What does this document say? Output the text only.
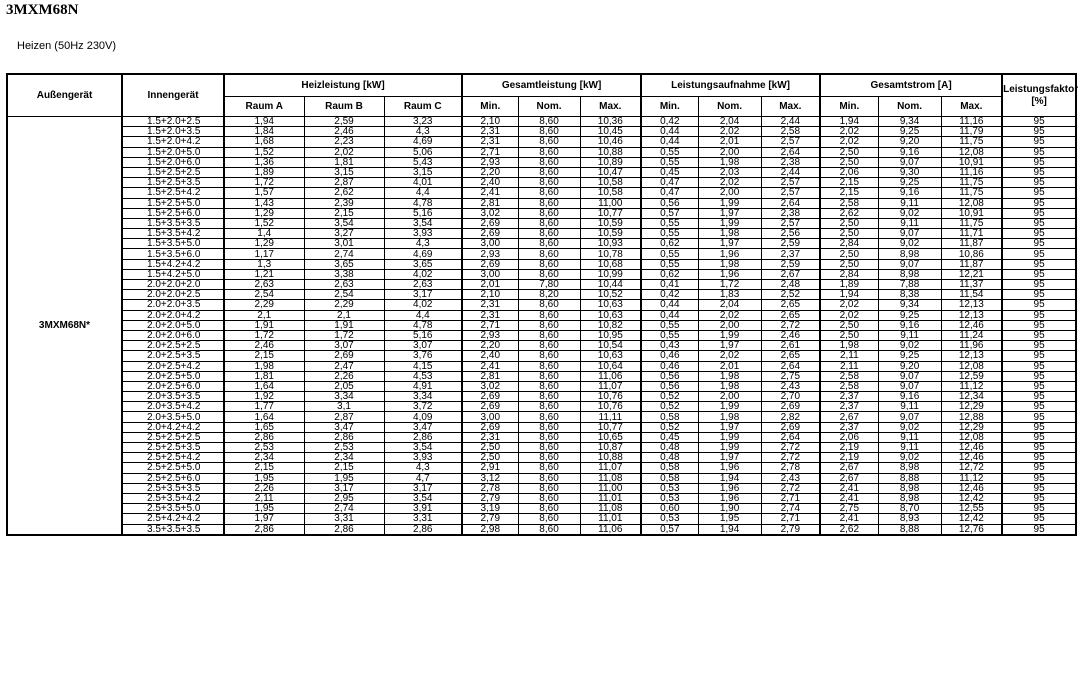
3MXM68N
Heizen (50Hz 230V)
Außengerät	Innengerät	Heizleistung [kW]			Gesamtleistung [kW]			Leistungsaufnahme [kW]			Gesamtstrom [A]			Leistungsfaktor [%]
		Raum A	Raum B	Raum C	Min.	Nom.	Max.	Min.	Nom.	Max.	Min.	Nom.	Max.	
3MXM68N*	1.5+2.0+2.5	1,94	2,59	3,23	2,10	8,60	10,36	0,42	2,04	2,44	1,94	9,34	11,16	95
	1.5+2.0+3.5	1,84	2,46	4,3	2,31	8,60	10,45	0,44	2,02	2,58	2,02	9,25	11,79	95
	1.5+2.0+4.2	1,68	2,23	4,69	2,31	8,60	10,46	0,44	2,01	2,57	2,02	9,20	11,75	95
	1.5+2.0+5.0	1,52	2,02	5,06	2,71	8,60	10,88	0,55	2,00	2,64	2,50	9,16	12,08	95
	1.5+2.0+6.0	1,36	1,81	5,43	2,93	8,60	10,89	0,55	1,98	2,38	2,50	9,07	10,91	95
	1.5+2.5+2.5	1,89	3,15	3,15	2,20	8,60	10,47	0,45	2,03	2,44	2,06	9,30	11,16	95
	1.5+2.5+3.5	1,72	2,87	4,01	2,40	8,60	10,58	0,47	2,02	2,57	2,15	9,25	11,75	95
	1.5+2.5+4.2	1,57	2,62	4,4	2,41	8,60	10,58	0,47	2,00	2,57	2,15	9,16	11,75	95
	1.5+2.5+5.0	1,43	2,39	4,78	2,81	8,60	11,00	0,56	1,99	2,64	2,58	9,11	12,08	95
	1.5+2.5+6.0	1,29	2,15	5,16	3,02	8,60	10,77	0,57	1,97	2,38	2,62	9,02	10,91	95
	1.5+3.5+3.5	1,52	3,54	3,54	2,69	8,60	10,59	0,55	1,99	2,57	2,50	9,11	11,75	95
	1.5+3.5+4.2	1,4	3,27	3,93	2,69	8,60	10,59	0,55	1,98	2,56	2,50	9,07	11,71	95
	1.5+3.5+5.0	1,29	3,01	4,3	3,00	8,60	10,93	0,62	1,97	2,59	2,84	9,02	11,87	95
	1.5+3.5+6.0	1,17	2,74	4,69	2,93	8,60	10,78	0,55	1,96	2,37	2,50	8,98	10,86	95
	1.5+4.2+4.2	1,3	3,65	3,65	2,69	8,60	10,68	0,55	1,98	2,59	2,50	9,07	11,87	95
	1.5+4.2+5.0	1,21	3,38	4,02	3,00	8,60	10,99	0,62	1,96	2,67	2,84	8,98	12,21	95
	2.0+2.0+2.0	2,63	2,63	2,63	2,01	7,80	10,44	0,41	1,72	2,48	1,89	7,88	11,37	95
	2.0+2.0+2.5	2,54	2,54	3,17	2,10	8,20	10,52	0,42	1,83	2,52	1,94	8,38	11,54	95
	2.0+2.0+3.5	2,29	2,29	4,02	2,31	8,60	10,63	0,44	2,04	2,65	2,02	9,34	12,13	95
	2.0+2.0+4.2	2,1	2,1	4,4	2,31	8,60	10,63	0,44	2,02	2,65	2,02	9,25	12,13	95
	2.0+2.0+5.0	1,91	1,91	4,78	2,71	8,60	10,82	0,55	2,00	2,72	2,50	9,16	12,46	95
	2.0+2.0+6.0	1,72	1,72	5,16	2,93	8,60	10,95	0,55	1,99	2,46	2,50	9,11	11,24	95
	2.0+2.5+2.5	2,46	3,07	3,07	2,20	8,60	10,54	0,43	1,97	2,61	1,98	9,02	11,96	95
	2.0+2.5+3.5	2,15	2,69	3,76	2,40	8,60	10,63	0,46	2,02	2,65	2,11	9,25	12,13	95
	2.0+2.5+4.2	1,98	2,47	4,15	2,41	8,60	10,64	0,46	2,01	2,64	2,11	9,20	12,08	95
	2.0+2.5+5.0	1,81	2,26	4,53	2,81	8,60	11,06	0,56	1,98	2,75	2,58	9,07	12,59	95
	2.0+2.5+6.0	1,64	2,05	4,91	3,02	8,60	11,07	0,56	1,98	2,43	2,58	9,07	11,12	95
	2.0+3.5+3.5	1,92	3,34	3,34	2,69	8,60	10,76	0,52	2,00	2,70	2,37	9,16	12,34	95
	2.0+3.5+4.2	1,77	3,1	3,72	2,69	8,60	10,76	0,52	1,99	2,69	2,37	9,11	12,29	95
	2.0+3.5+5.0	1,64	2,87	4,09	3,00	8,60	11,11	0,58	1,98	2,82	2,67	9,07	12,88	95
	2.0+4.2+4.2	1,65	3,47	3,47	2,69	8,60	10,77	0,52	1,97	2,69	2,37	9,02	12,29	95
	2.5+2.5+2.5	2,86	2,86	2,86	2,31	8,60	10,65	0,45	1,99	2,64	2,06	9,11	12,08	95
	2.5+2.5+3.5	2,53	2,53	3,54	2,50	8,60	10,87	0,48	1,99	2,72	2,19	9,11	12,46	95
	2.5+2.5+4.2	2,34	2,34	3,93	2,50	8,60	10,88	0,48	1,97	2,72	2,19	9,02	12,46	95
	2.5+2.5+5.0	2,15	2,15	4,3	2,91	8,60	11,07	0,58	1,96	2,78	2,67	8,98	12,72	95
	2.5+2.5+6.0	1,95	1,95	4,7	3,12	8,60	11,08	0,58	1,94	2,43	2,67	8,88	11,12	95
	2.5+3.5+3.5	2,26	3,17	3,17	2,78	8,60	11,00	0,53	1,96	2,72	2,41	8,98	12,46	95
	2.5+3.5+4.2	2,11	2,95	3,54	2,79	8,60	11,01	0,53	1,96	2,71	2,41	8,98	12,42	95
	2.5+3.5+5.0	1,95	2,74	3,91	3,19	8,60	11,08	0,60	1,90	2,74	2,75	8,70	12,55	95
	2.5+4.2+4.2	1,97	3,31	3,31	2,79	8,60	11,01	0,53	1,95	2,71	2,41	8,93	12,42	95
	3.5+3.5+3.5	2,86	2,86	2,86	2,98	8,60	11,06	0,57	1,94	2,79	2,62	8,88	12,76	95
